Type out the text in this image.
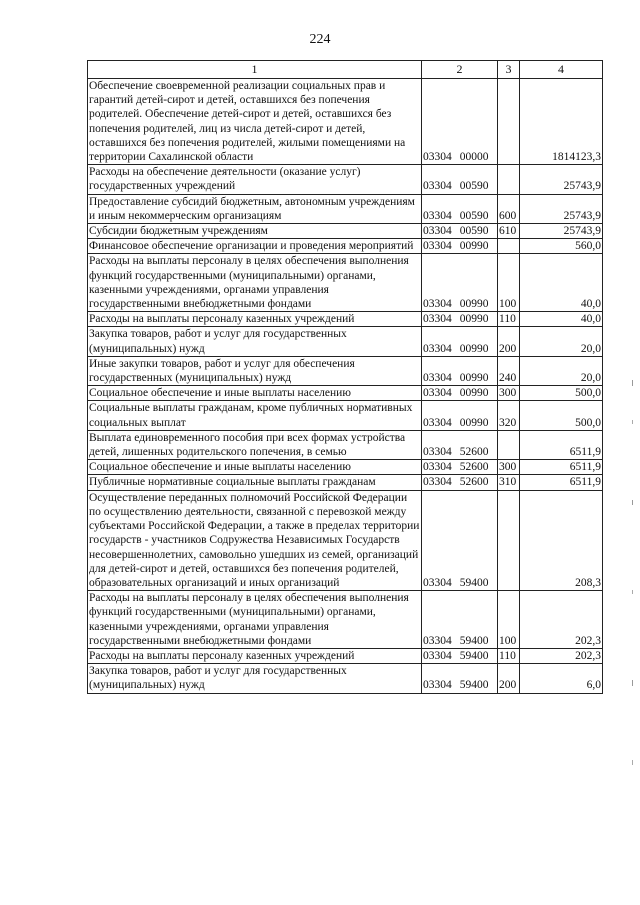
224
1	2	3	4
Обеспечение своевременной реализации социальных прав и гарантий детей-сирот и детей, оставшихся без попечения родителей. Обеспечение детей-сирот и детей, оставшихся без попечения родителей, лиц из числа детей-сирот и детей, оставшихся без попечения родителей, жилыми помещениями на территории Сахалинской области	03304 00000		1814123,3
Расходы на обеспечение деятельности (оказание услуг) государственных учреждений	03304 00590		25743,9
Предоставление субсидий бюджетным, автономным учреждениям и иным некоммерческим организациям	03304 00590	600	25743,9
Субсидии бюджетным учреждениям	03304 00590	610	25743,9
Финансовое обеспечение организации и проведения мероприятий	03304 00990		560,0
Расходы на выплаты персоналу в целях обеспечения выполнения функций государственными (муниципальными) органами, казенными учреждениями, органами управления государственными внебюджетными фондами	03304 00990	100	40,0
Расходы на выплаты персоналу казенных учреждений	03304 00990	110	40,0
Закупка товаров, работ и услуг для государственных (муниципальных) нужд	03304 00990	200	20,0
Иные закупки товаров, работ и услуг для обеспечения государственных (муниципальных) нужд	03304 00990	240	20,0
Социальное обеспечение и иные выплаты населению	03304 00990	300	500,0
Социальные выплаты гражданам, кроме публичных нормативных социальных выплат	03304 00990	320	500,0
Выплата единовременного пособия при всех формах устройства детей, лишенных родительского попечения, в семью	03304 52600		6511,9
Социальное обеспечение и иные выплаты населению	03304 52600	300	6511,9
Публичные нормативные социальные выплаты гражданам	03304 52600	310	6511,9
Осуществление переданных полномочий Российской Федерации по осуществлению деятельности, связанной с перевозкой между субъектами Российской Федерации, а также в пределах территории государств - участников Содружества Независимых Государств несовершеннолетних, самовольно ушедших из семей, организаций для детей-сирот и детей, оставшихся без попечения родителей, образовательных организаций и иных организаций	03304 59400		208,3
Расходы на выплаты персоналу в целях обеспечения выполнения функций государственными (муниципальными) органами, казенными учреждениями, органами управления государственными внебюджетными фондами	03304 59400	100	202,3
Расходы на выплаты персоналу казенных учреждений	03304 59400	110	202,3
Закупка товаров, работ и услуг для государственных (муниципальных) нужд	03304 59400	200	6,0
